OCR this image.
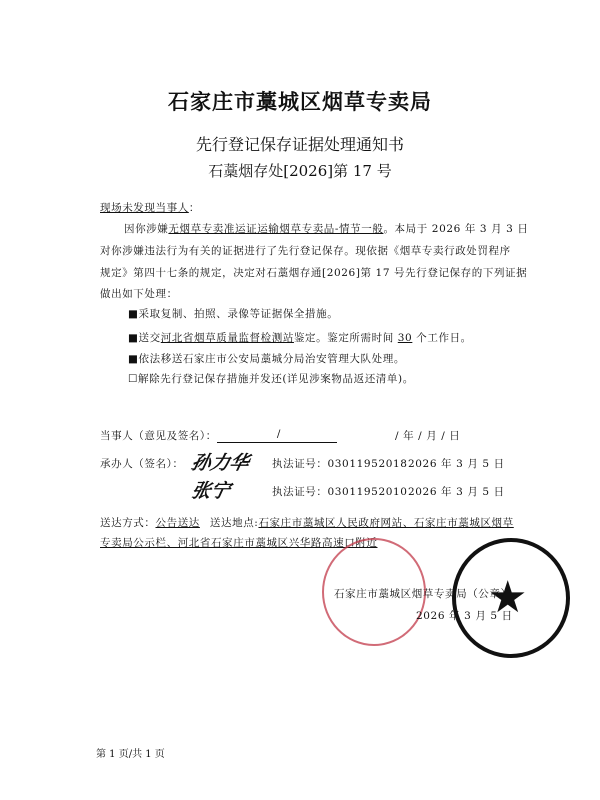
石家庄市藁城区烟草专卖局
先行登记保存证据处理通知书
石藁烟存处[2026]第 17 号
现场未发现当事人：
因你涉嫌无烟草专卖准运证运输烟草专卖品-情节一般。本局于 2026 年 3 月 3 日
对你涉嫌违法行为有关的证据进行了先行登记保存。现依据《烟草专卖行政处罚程序
规定》第四十七条的规定，决定对石藁烟存通[2026]第 17 号先行登记保存的下列证据
做出如下处理：
■采取复制、拍照、录像等证据保全措施。
■送交河北省烟草质量监督检测站鉴定。鉴定所需时间 30 个工作日。
■依法移送石家庄市公安局藁城分局治安管理大队处理。
☐解除先行登记保存措施并发还(详见涉案物品返还清单)。
当事人（意见及签名）：	/	/ 年 / 月 / 日
承办人（签名）： 孙力华 执法证号：03011952018 2026 年 3 月 5 日
张宁	执法证号：03011952010 2026 年 3 月 5 日
送达方式：公告送达 送达地点:石家庄市藁城区人民政府网站、石家庄市藁城区烟草
专卖局公示栏、河北省石家庄市藁城区兴华路高速口附近
★
石家庄市藁城区烟草专卖局（公章）
2026 年 3 月 5 日
第 1 页/共 1 页
